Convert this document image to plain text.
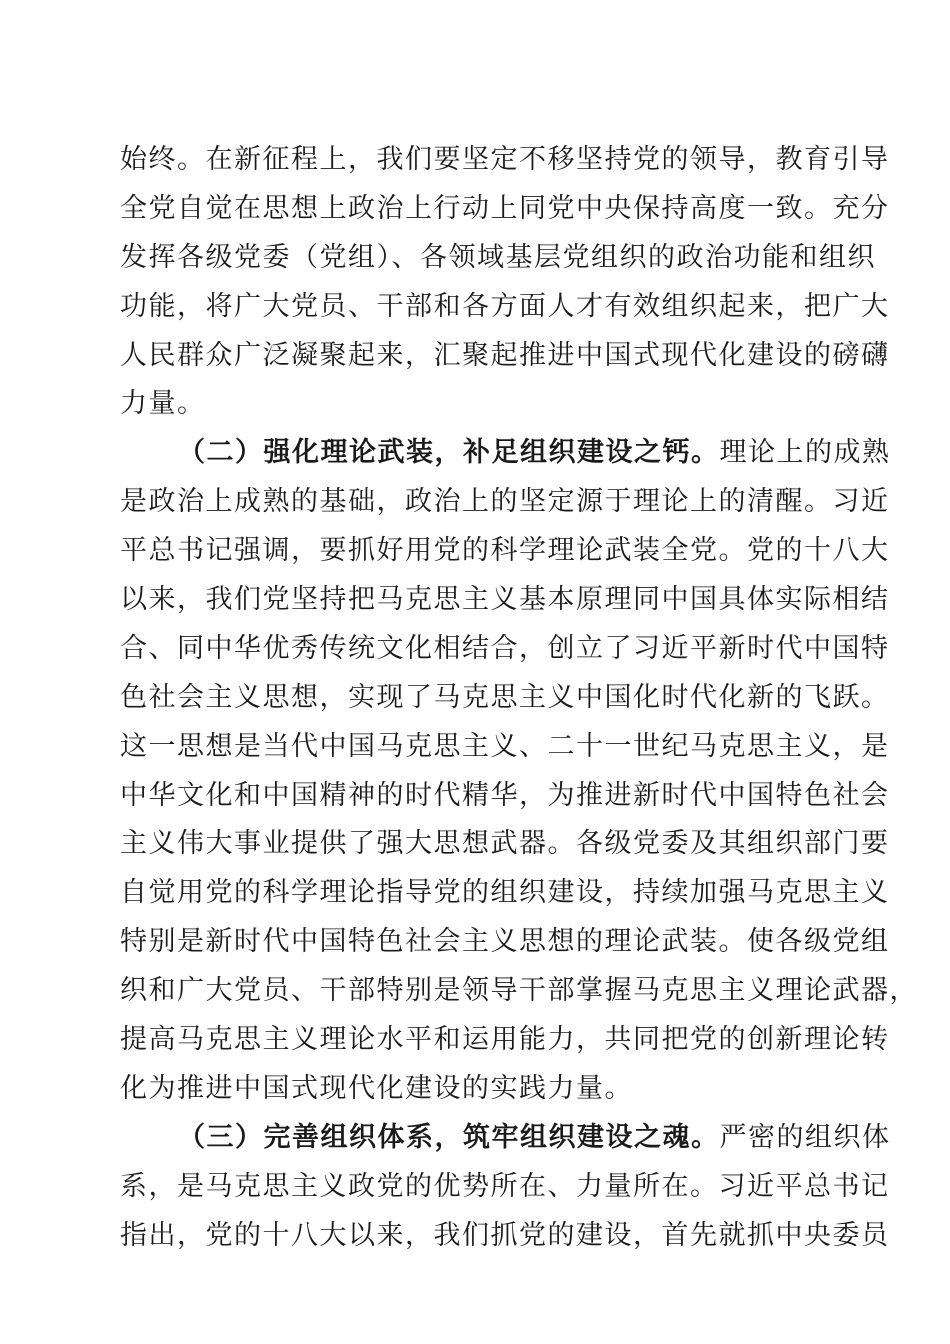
始终。在新征程上，我们要坚定不移坚持党的领导，教育引导
全党自觉在思想上政治上行动上同党中央保持高度一致。充分
发挥各级党委（党组）、各领域基层党组织的政治功能和组织
功能，将广大党员、干部和各方面人才有效组织起来，把广大
人民群众广泛凝聚起来，汇聚起推进中国式现代化建设的磅礴
力量。
（二）强化理论武装，补足组织建设之钙。理论上的成熟
是政治上成熟的基础，政治上的坚定源于理论上的清醒。习近
平总书记强调，要抓好用党的科学理论武装全党。党的十八大
以来，我们党坚持把马克思主义基本原理同中国具体实际相结
合、同中华优秀传统文化相结合，创立了习近平新时代中国特
色社会主义思想，实现了马克思主义中国化时代化新的飞跃。
这一思想是当代中国马克思主义、二十一世纪马克思主义，是
中华文化和中国精神的时代精华，为推进新时代中国特色社会
主义伟大事业提供了强大思想武器。各级党委及其组织部门要
自觉用党的科学理论指导党的组织建设，持续加强马克思主义
特别是新时代中国特色社会主义思想的理论武装。使各级党组
织和广大党员、干部特别是领导干部掌握马克思主义理论武器，
提高马克思主义理论水平和运用能力，共同把党的创新理论转
化为推进中国式现代化建设的实践力量。
（三）完善组织体系，筑牢组织建设之魂。严密的组织体
系，是马克思主义政党的优势所在、力量所在。习近平总书记
指出，党的十八大以来，我们抓党的建设，首先就抓中央委员
